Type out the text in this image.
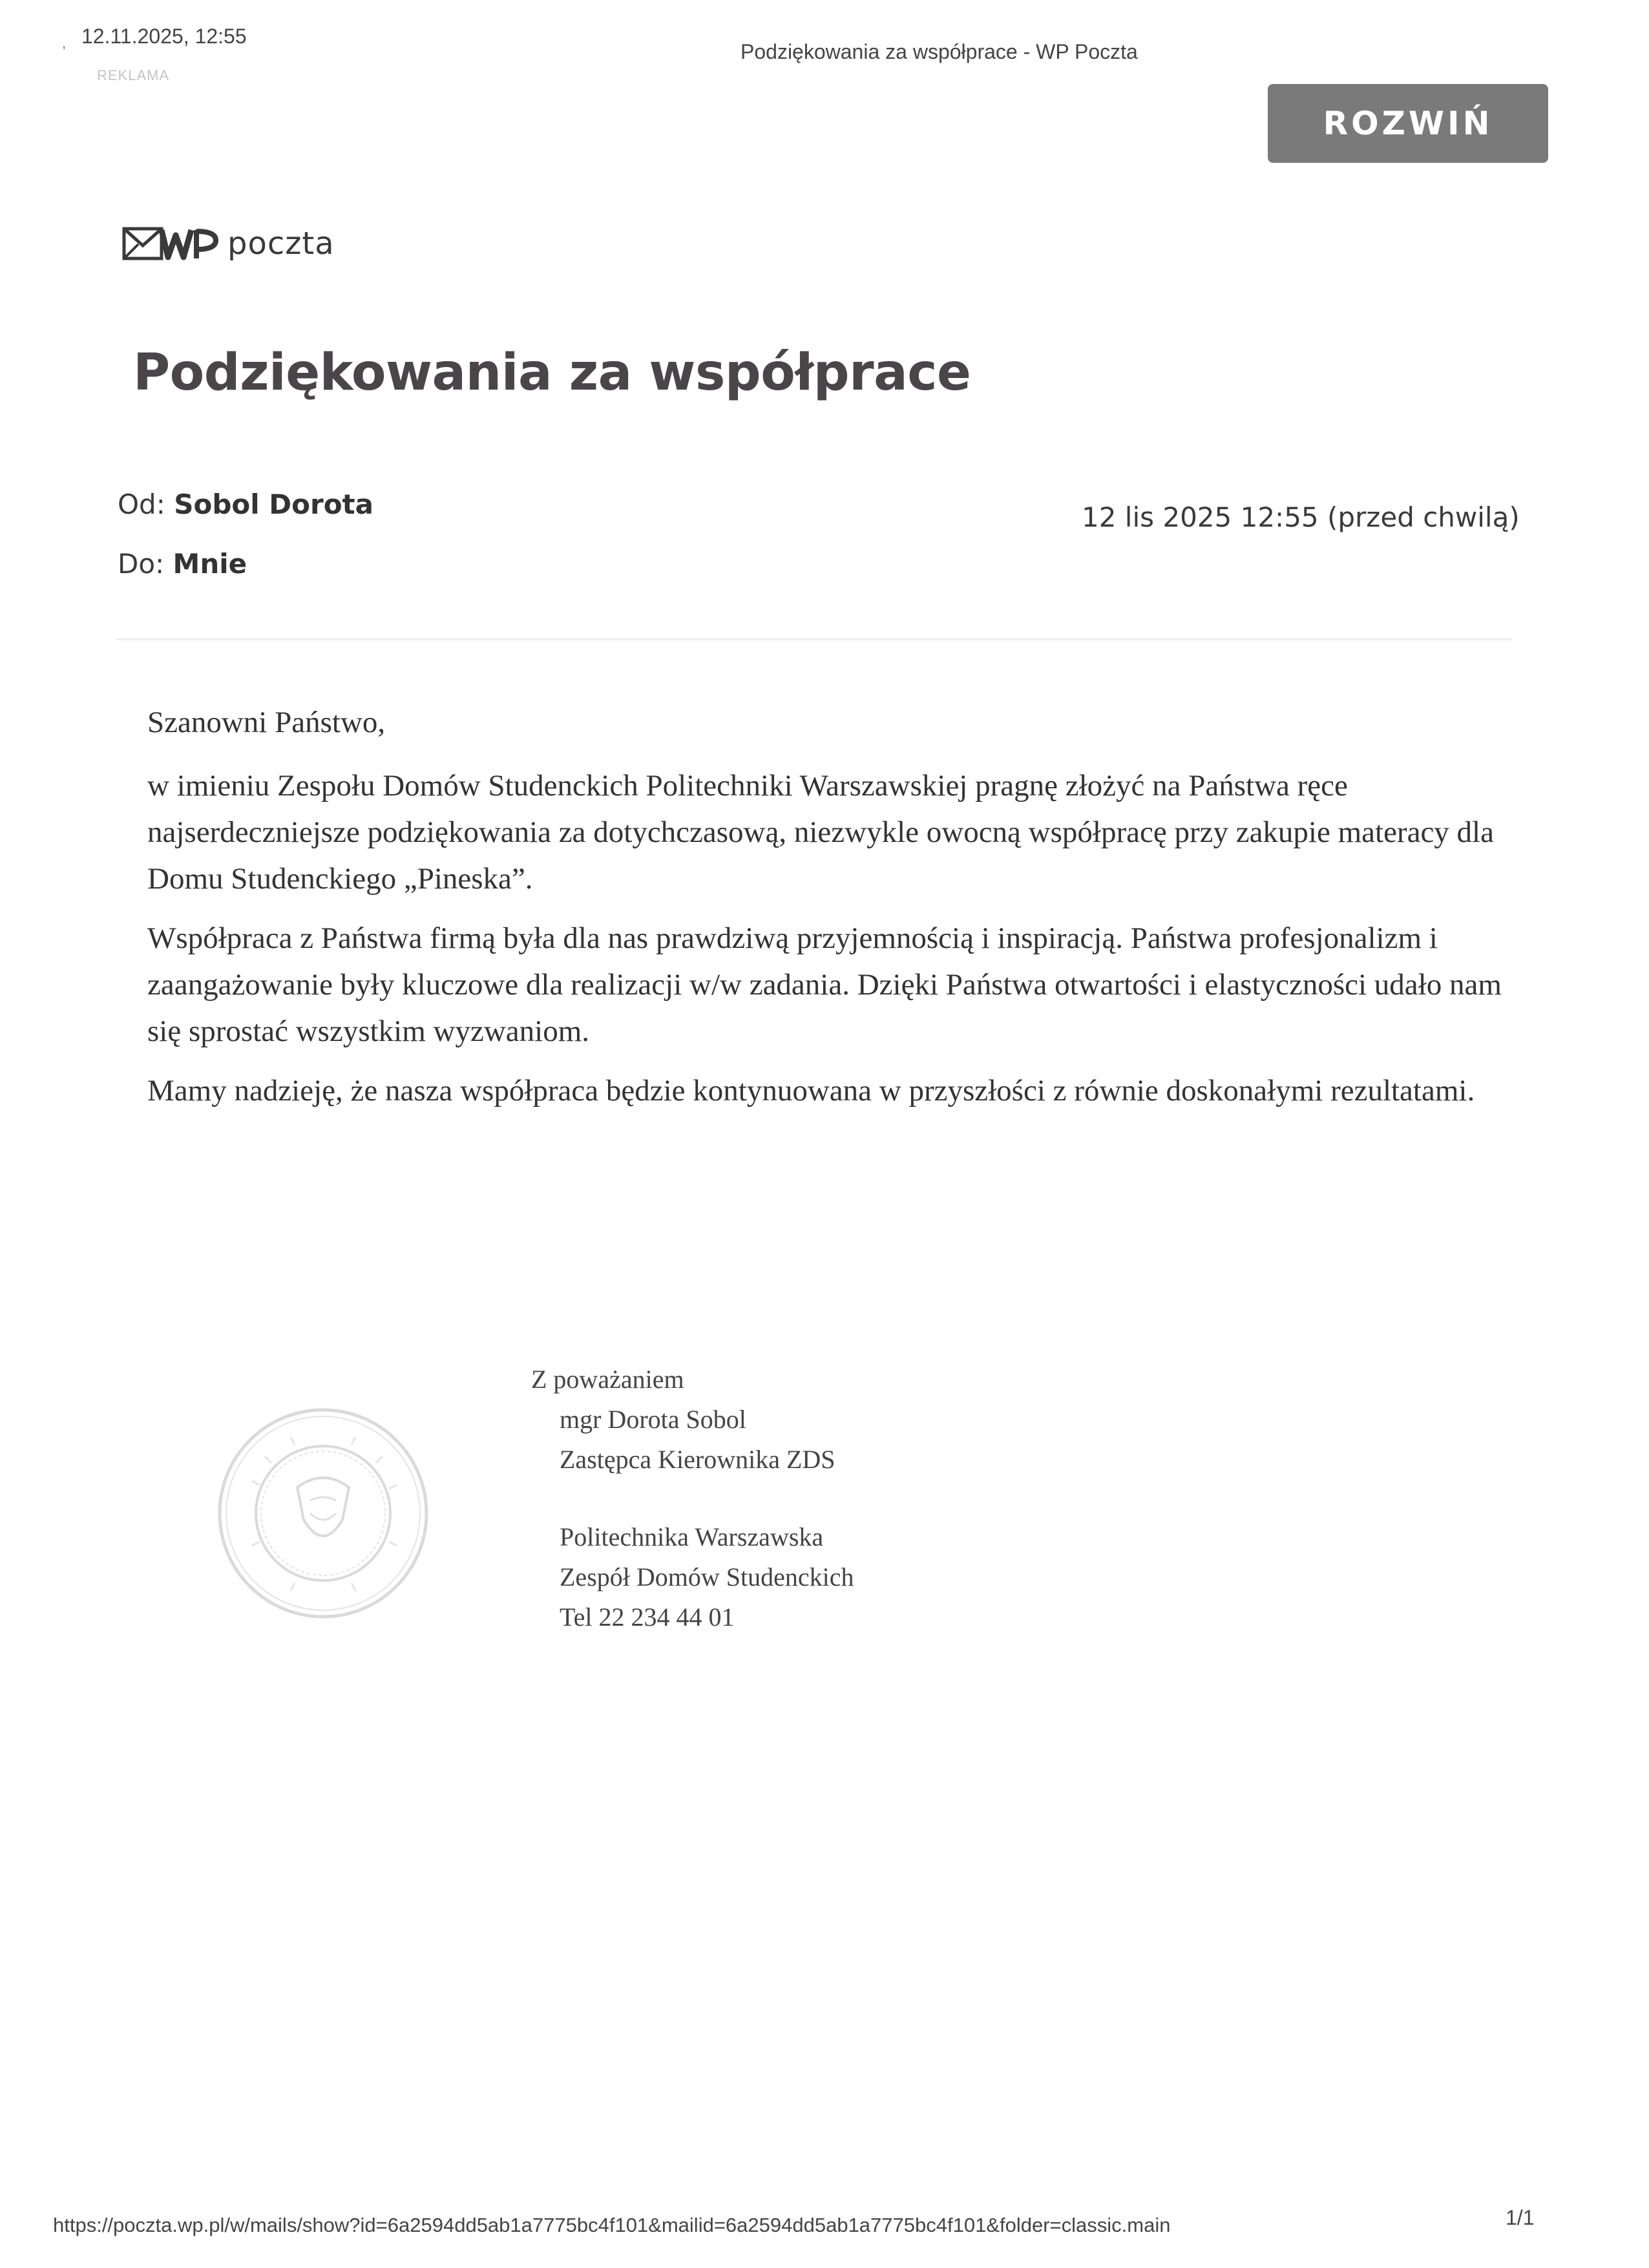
, 12.11.2025, 12:55
REKLAMA
Podziękowania za współprace - WP Poczta
ROZWIŃ
poczta
Podziękowania za współprace
Od: Sobol Dorota
Do: Mnie
12 lis 2025 12:55 (przed chwilą)

Szanowni Państwo,

w imieniu Zespołu Domów Studenckich Politechniki Warszawskiej pragnę złożyć na Państwa ręce najserdeczniejsze podziękowania za dotychczasową, niezwykle owocną współpracę przy zakupie materacy dla Domu Studenckiego „Pineska”.

Współpraca z Państwa firmą była dla nas prawdziwą przyjemnością i inspiracją. Państwa profesjonalizm i zaangażowanie były kluczowe dla realizacji w/w zadania. Dzięki Państwa otwartości i elastyczności udało nam się sprostać wszystkim wyzwaniom.

Mamy nadzieję, że nasza współpraca będzie kontynuowana w przyszłości z równie doskonałymi rezultatami.

Z poważaniem
mgr Dorota Sobol
Zastępca Kierownika ZDS
Politechnika Warszawska
Zespół Domów Studenckich
Tel 22 234 44 01
https://poczta.wp.pl/w/mails/show?id=6a2594dd5ab1a7775bc4f101&mailid=6a2594dd5ab1a7775bc4f101&folder=classic.main	1/1
